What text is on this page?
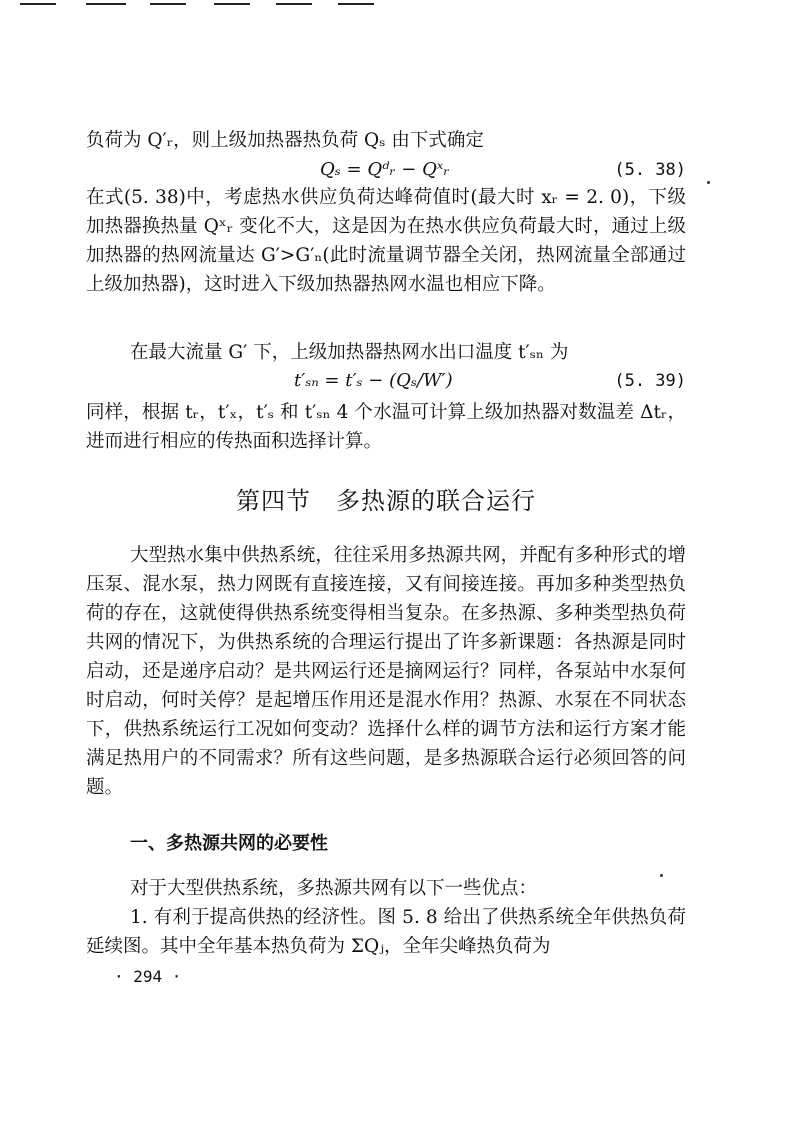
负荷为 Q′ᵣ，则上级加热器热负荷 Qₛ 由下式确定
Qₛ = Qᵈᵣ − Qˣᵣ	(5. 38)
在式(5. 38)中，考虑热水供应负荷达峰荷值时(最大时 xᵣ = 2. 0)，下级加热器换热量 Qˣᵣ 变化不大，这是因为在热水供应负荷最大时，通过上级加热器的热网流量达 G′>G′ₙ(此时流量调节器全关闭，热网流量全部通过上级加热器)，这时进入下级加热器热网水温也相应下降。
在最大流量 G′ 下，上级加热器热网水出口温度 t′ₛₙ 为
t′ₛₙ = t′ₛ − (Qₛ/W′)	(5. 39)
同样，根据 tᵣ，t′ₓ，t′ₛ 和 t′ₛₙ 4 个水温可计算上级加热器对数温差 Δtᵣ，进而进行相应的传热面积选择计算。
第四节　多热源的联合运行
大型热水集中供热系统，往往采用多热源共网，并配有多种形式的增压泵、混水泵，热力网既有直接连接，又有间接连接。再加多种类型热负荷的存在，这就使得供热系统变得相当复杂。在多热源、多种类型热负荷共网的情况下，为供热系统的合理运行提出了许多新课题：各热源是同时启动，还是递序启动？是共网运行还是摘网运行？同样，各泵站中水泵何时启动，何时关停？是起增压作用还是混水作用？热源、水泵在不同状态下，供热系统运行工况如何变动？选择什么样的调节方法和运行方案才能满足热用户的不同需求？所有这些问题，是多热源联合运行必须回答的问题。
一、多热源共网的必要性
对于大型供热系统，多热源共网有以下一些优点：
1. 有利于提高供热的经济性。图 5. 8 给出了供热系统全年供热负荷延续图。其中全年基本热负荷为 ΣQⱼ，全年尖峰热负荷为
· 294 ·
